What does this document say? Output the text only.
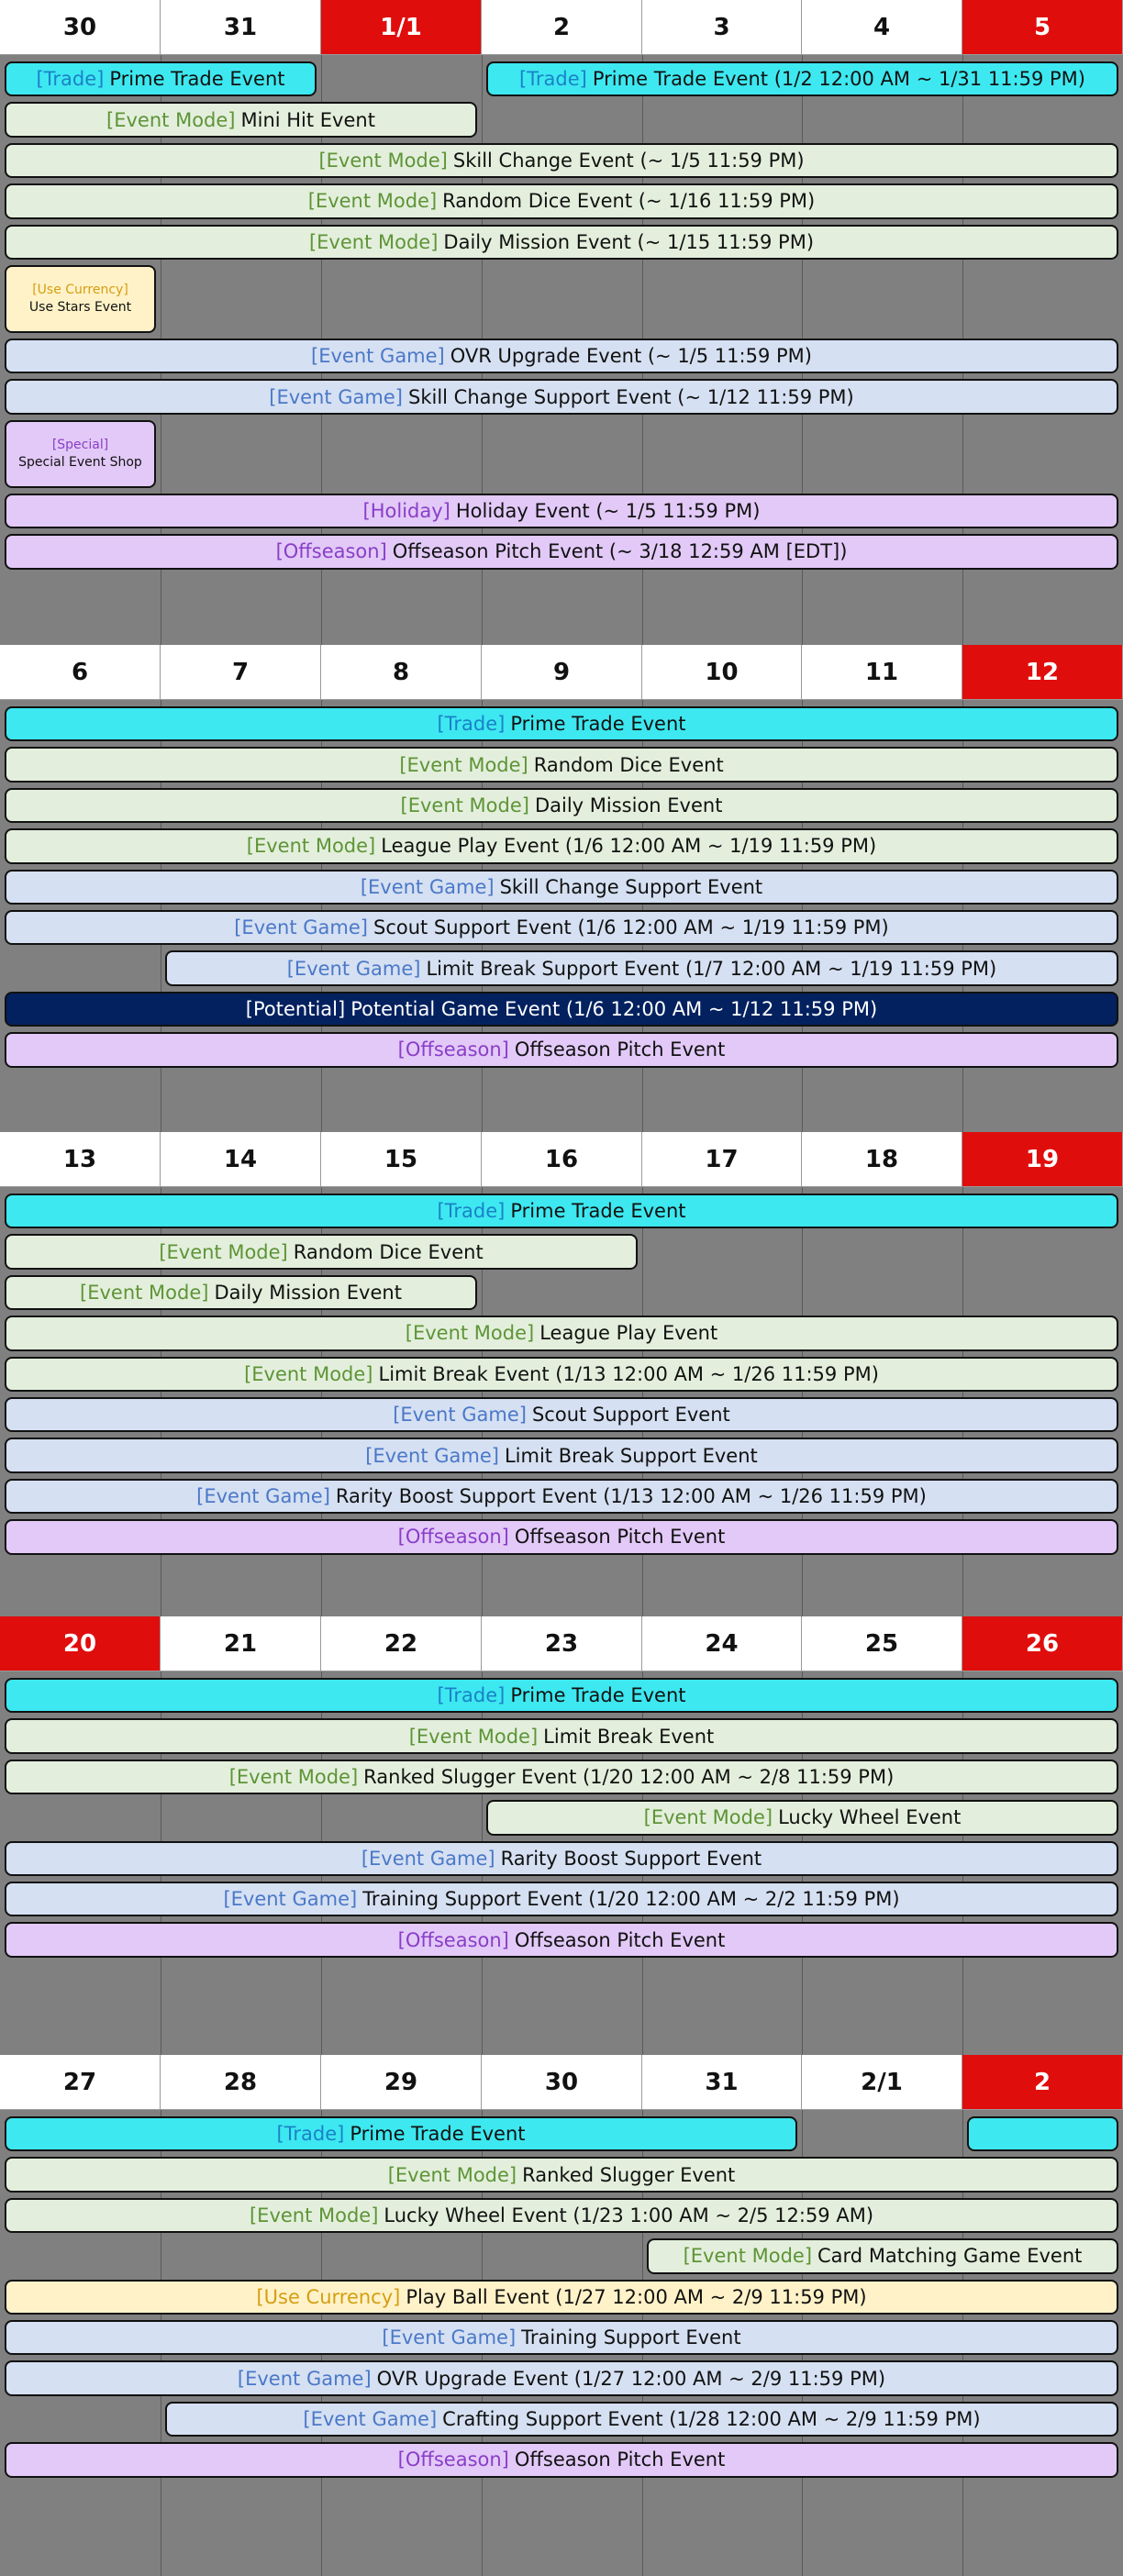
30	31	1/1	2	3	4	5
[Trade] Prime Trade Event	[Trade] Prime Trade Event (1/2 12:00 AM ~ 1/31 11:59 PM)
[Event Mode] Mini Hit Event
[Event Mode] Skill Change Event (~ 1/5 11:59 PM)
[Event Mode] Random Dice Event (~ 1/16 11:59 PM)
[Event Mode] Daily Mission Event (~ 1/15 11:59 PM)
[Use Currency]
Use Stars Event
[Event Game] OVR Upgrade Event (~ 1/5 11:59 PM)
[Event Game] Skill Change Support Event (~ 1/12 11:59 PM)
[Special]
Special Event Shop
[Holiday] Holiday Event (~ 1/5 11:59 PM)
[Offseason] Offseason Pitch Event (~ 3/18 12:59 AM [EDT])
6	7	8	9	10	11	12
[Trade] Prime Trade Event
[Event Mode] Random Dice Event
[Event Mode] Daily Mission Event
[Event Mode] League Play Event (1/6 12:00 AM ~ 1/19 11:59 PM)
[Event Game] Skill Change Support Event
[Event Game] Scout Support Event (1/6 12:00 AM ~ 1/19 11:59 PM)
[Event Game] Limit Break Support Event (1/7 12:00 AM ~ 1/19 11:59 PM)
[Potential] Potential Game Event (1/6 12:00 AM ~ 1/12 11:59 PM)
[Offseason] Offseason Pitch Event
13	14	15	16	17	18	19
[Trade] Prime Trade Event
[Event Mode] Random Dice Event
[Event Mode] Daily Mission Event
[Event Mode] League Play Event
[Event Mode] Limit Break Event (1/13 12:00 AM ~ 1/26 11:59 PM)
[Event Game] Scout Support Event
[Event Game] Limit Break Support Event
[Event Game] Rarity Boost Support Event (1/13 12:00 AM ~ 1/26 11:59 PM)
[Offseason] Offseason Pitch Event
20	21	22	23	24	25	26
[Trade] Prime Trade Event
[Event Mode] Limit Break Event
[Event Mode] Ranked Slugger Event (1/20 12:00 AM ~ 2/8 11:59 PM)
[Event Mode] Lucky Wheel Event
[Event Game] Rarity Boost Support Event
[Event Game] Training Support Event (1/20 12:00 AM ~ 2/2 11:59 PM)
[Offseason] Offseason Pitch Event
27	28	29	30	31	2/1	2
[Trade] Prime Trade Event
[Event Mode] Ranked Slugger Event
[Event Mode] Lucky Wheel Event (1/23 1:00 AM ~ 2/5 12:59 AM)
[Event Mode] Card Matching Game Event
[Use Currency] Play Ball Event (1/27 12:00 AM ~ 2/9 11:59 PM)
[Event Game] Training Support Event
[Event Game] OVR Upgrade Event (1/27 12:00 AM ~ 2/9 11:59 PM)
[Event Game] Crafting Support Event (1/28 12:00 AM ~ 2/9 11:59 PM)
[Offseason] Offseason Pitch Event
